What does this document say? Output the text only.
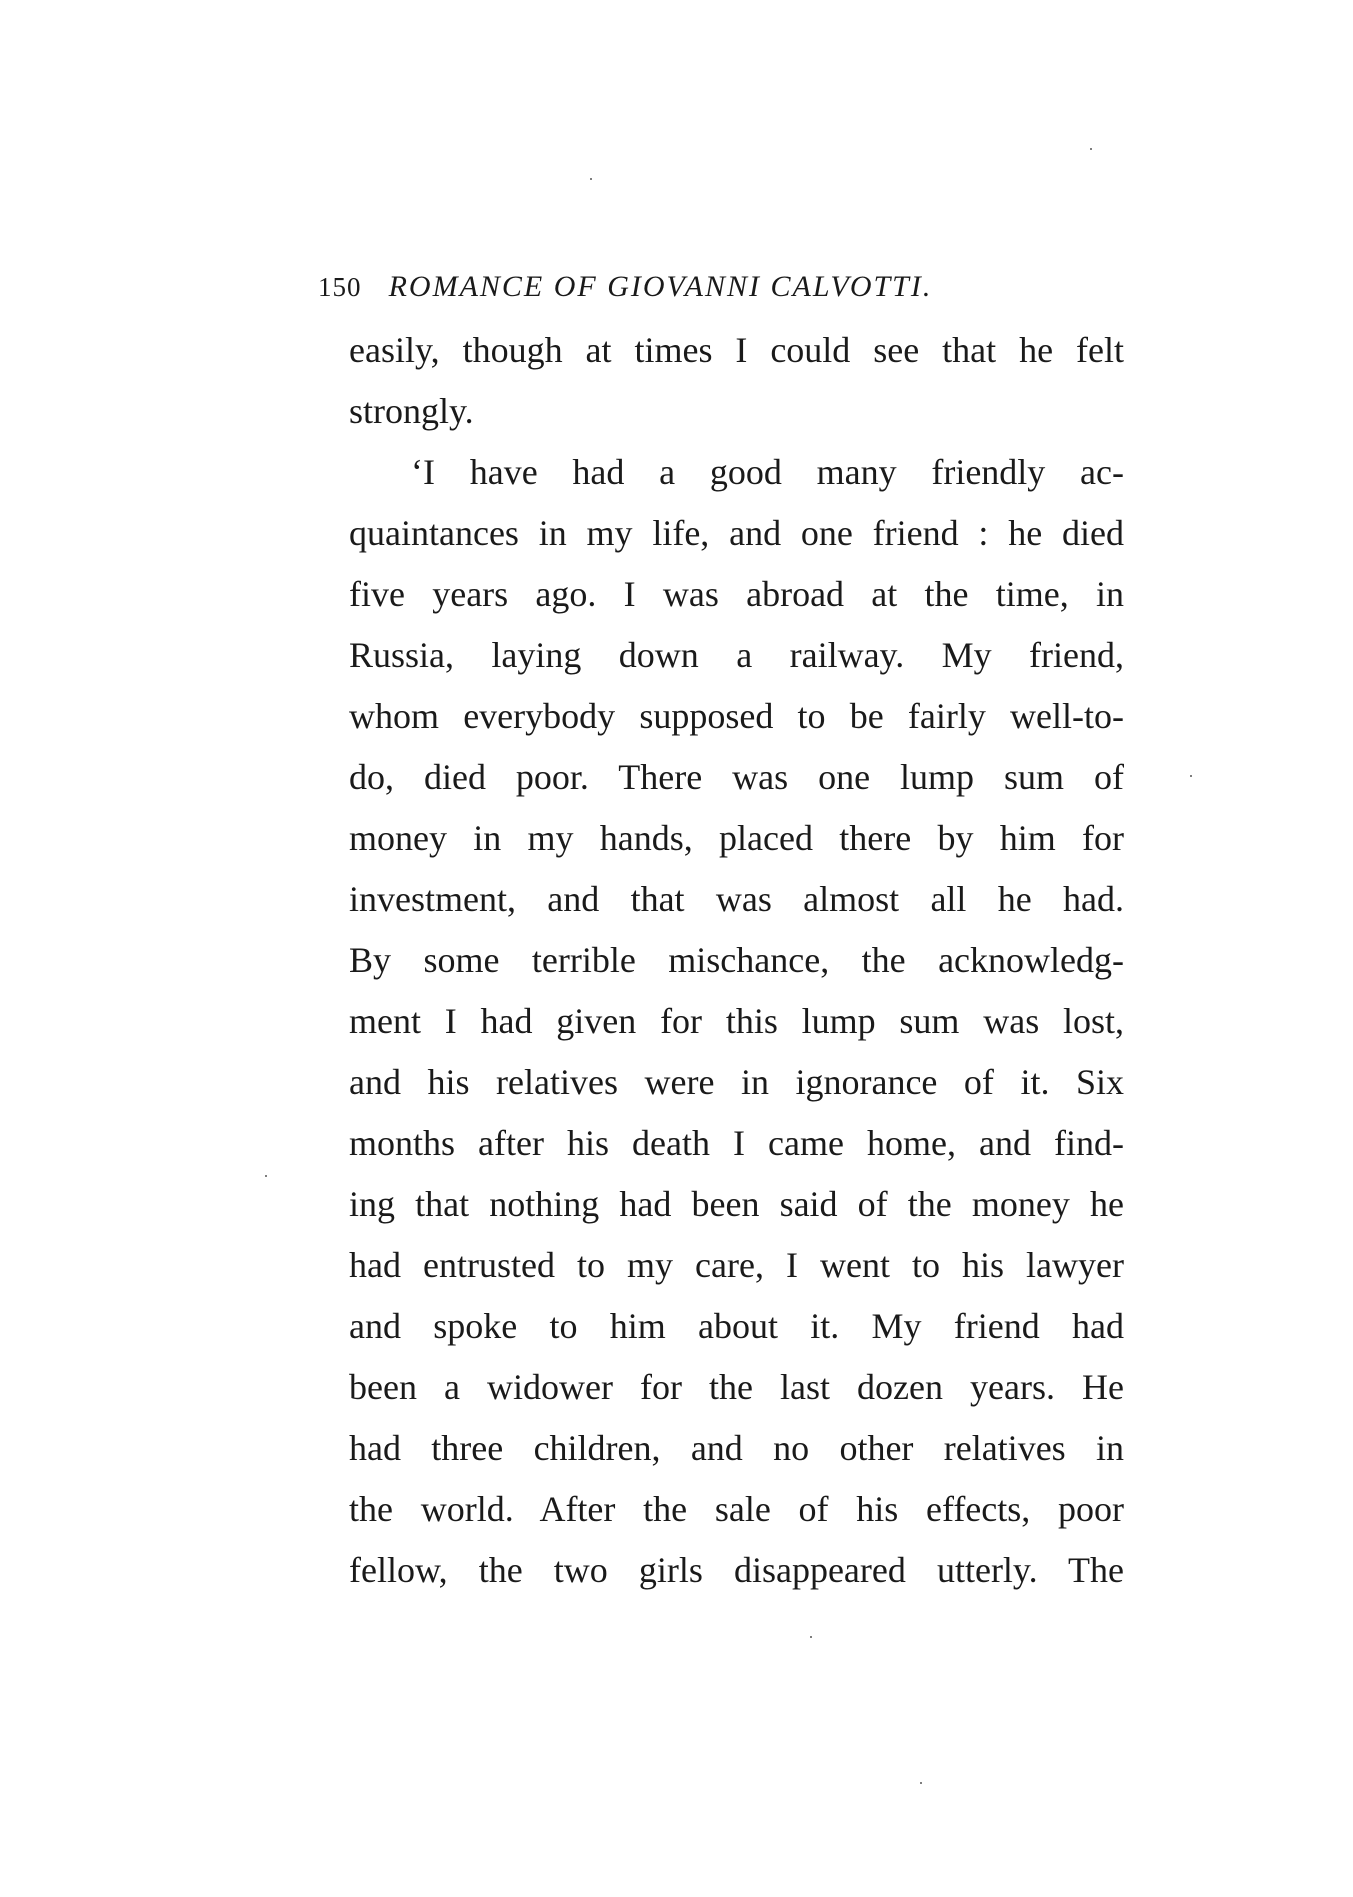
150 ROMANCE OF GIOVANNI CALVOTTI.
easily, though at times I could see that he felt
strongly.
‘I have had a good many friendly ac-
quaintances in my life, and one friend : he died
five years ago. I was abroad at the time, in
Russia, laying down a railway. My friend,
whom everybody supposed to be fairly well-to-
do, died poor. There was one lump sum of
money in my hands, placed there by him for
investment, and that was almost all he had.
By some terrible mischance, the acknowledg-
ment I had given for this lump sum was lost,
and his relatives were in ignorance of it. Six
months after his death I came home, and find-
ing that nothing had been said of the money he
had entrusted to my care, I went to his lawyer
and spoke to him about it. My friend had
been a widower for the last dozen years. He
had three children, and no other relatives in
the world. After the sale of his effects, poor
fellow, the two girls disappeared utterly. The
